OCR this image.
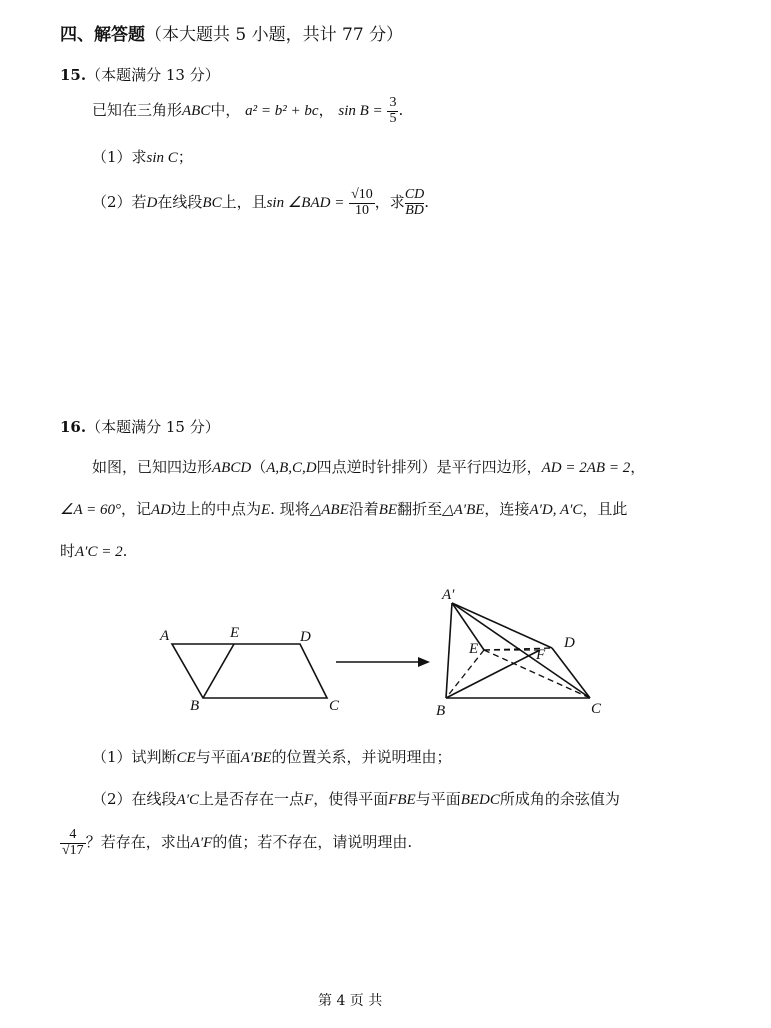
四、解答题（本大题共 5 小题，共计 77 分）
15.（本题满分 13 分）
已知在三角形ABC中， a² = b² + bc， $\sin B = \frac{3}{5}$ .
（1）求sin C；
（2）若D在线段BC上，且sin ∠BAD = $\frac{√10}{10}$ ，求 $\frac{CD}{BD}$ .
16.（本题满分 15 分）
如图，已知四边形ABCD（A,B,C,D四点逆时针排列）是平行四边形，AD = 2AB = 2，
∠A = 60°，记AD边上的中点为E. 现将△ABE沿着BE翻折至△A′BE，连接A′D, A′C，且此
时A′C = 2.
A	E	D
B	C
A′
E	F
D
B	C
（1）试判断CE与平面A′BE的位置关系，并说明理由；
（2）在线段A′C上是否存在一点F，使得平面FBE与平面BEDC所成角的余弦值为
$\frac{4}{√17}$ ？若存在，求出A′F的值；若不存在，请说明理由.
第 4 页 共
